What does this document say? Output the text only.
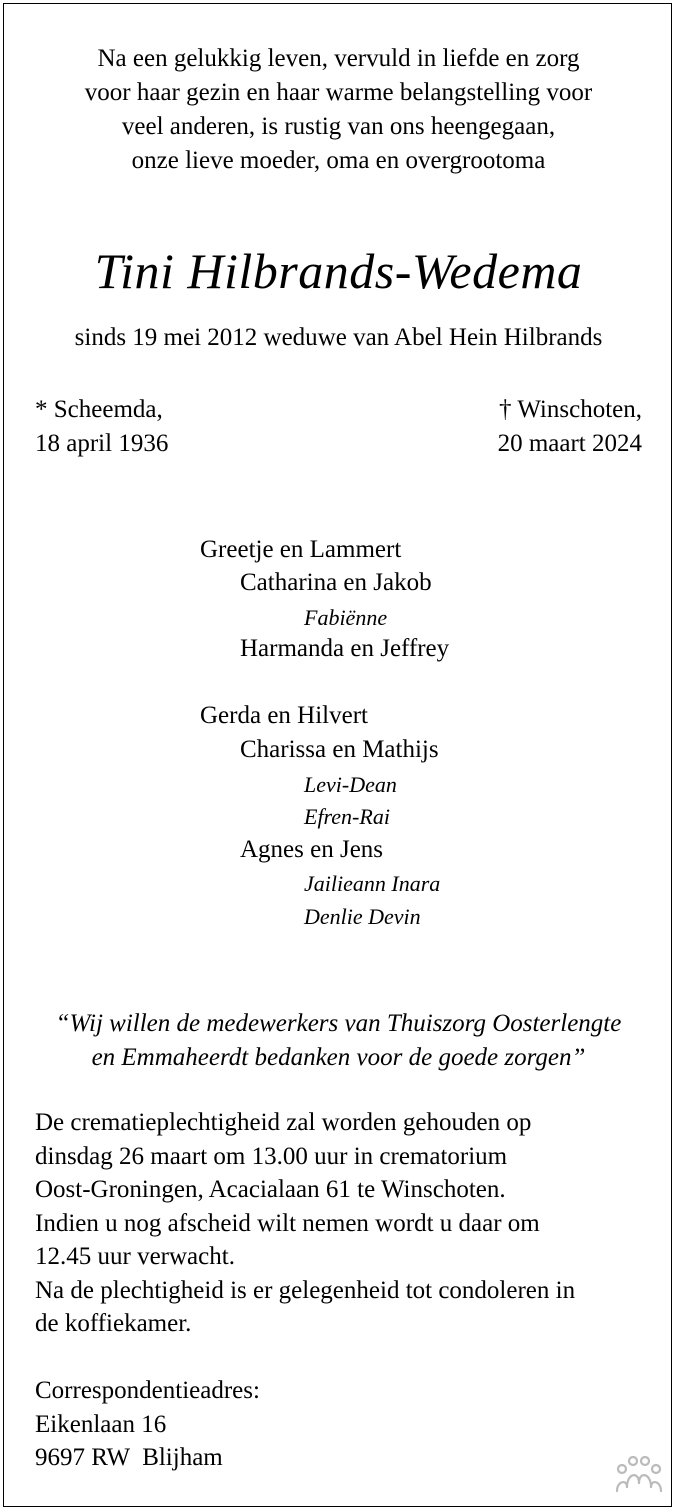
Na een gelukkig leven, vervuld in liefde en zorg
voor haar gezin en haar warme belangstelling voor
veel anderen, is rustig van ons heengegaan,
onze lieve moeder, oma en overgrootoma
Tini Hilbrands-Wedema
sinds 19 mei 2012 weduwe van Abel Hein Hilbrands
* Scheemda,
18 april 1936
† Winschoten,
20 maart 2024
Greetje en Lammert
Catharina en Jakob
Fabiënne
Harmanda en Jeffrey
Gerda en Hilvert
Charissa en Mathijs
Levi-Dean
Efren-Rai
Agnes en Jens
Jailieann Inara
Denlie Devin
“Wij willen de medewerkers van Thuiszorg Oosterlengte
en Emmaheerdt bedanken voor de goede zorgen”
De crematieplechtigheid zal worden gehouden op
dinsdag 26 maart om 13.00 uur in crematorium
Oost-Groningen, Acacialaan 61 te Winschoten.
Indien u nog afscheid wilt nemen wordt u daar om
12.45 uur verwacht.
Na de plechtigheid is er gelegenheid tot condoleren in
de koffiekamer.
Correspondentieadres:
Eikenlaan 16
9697 RW  Blijham
